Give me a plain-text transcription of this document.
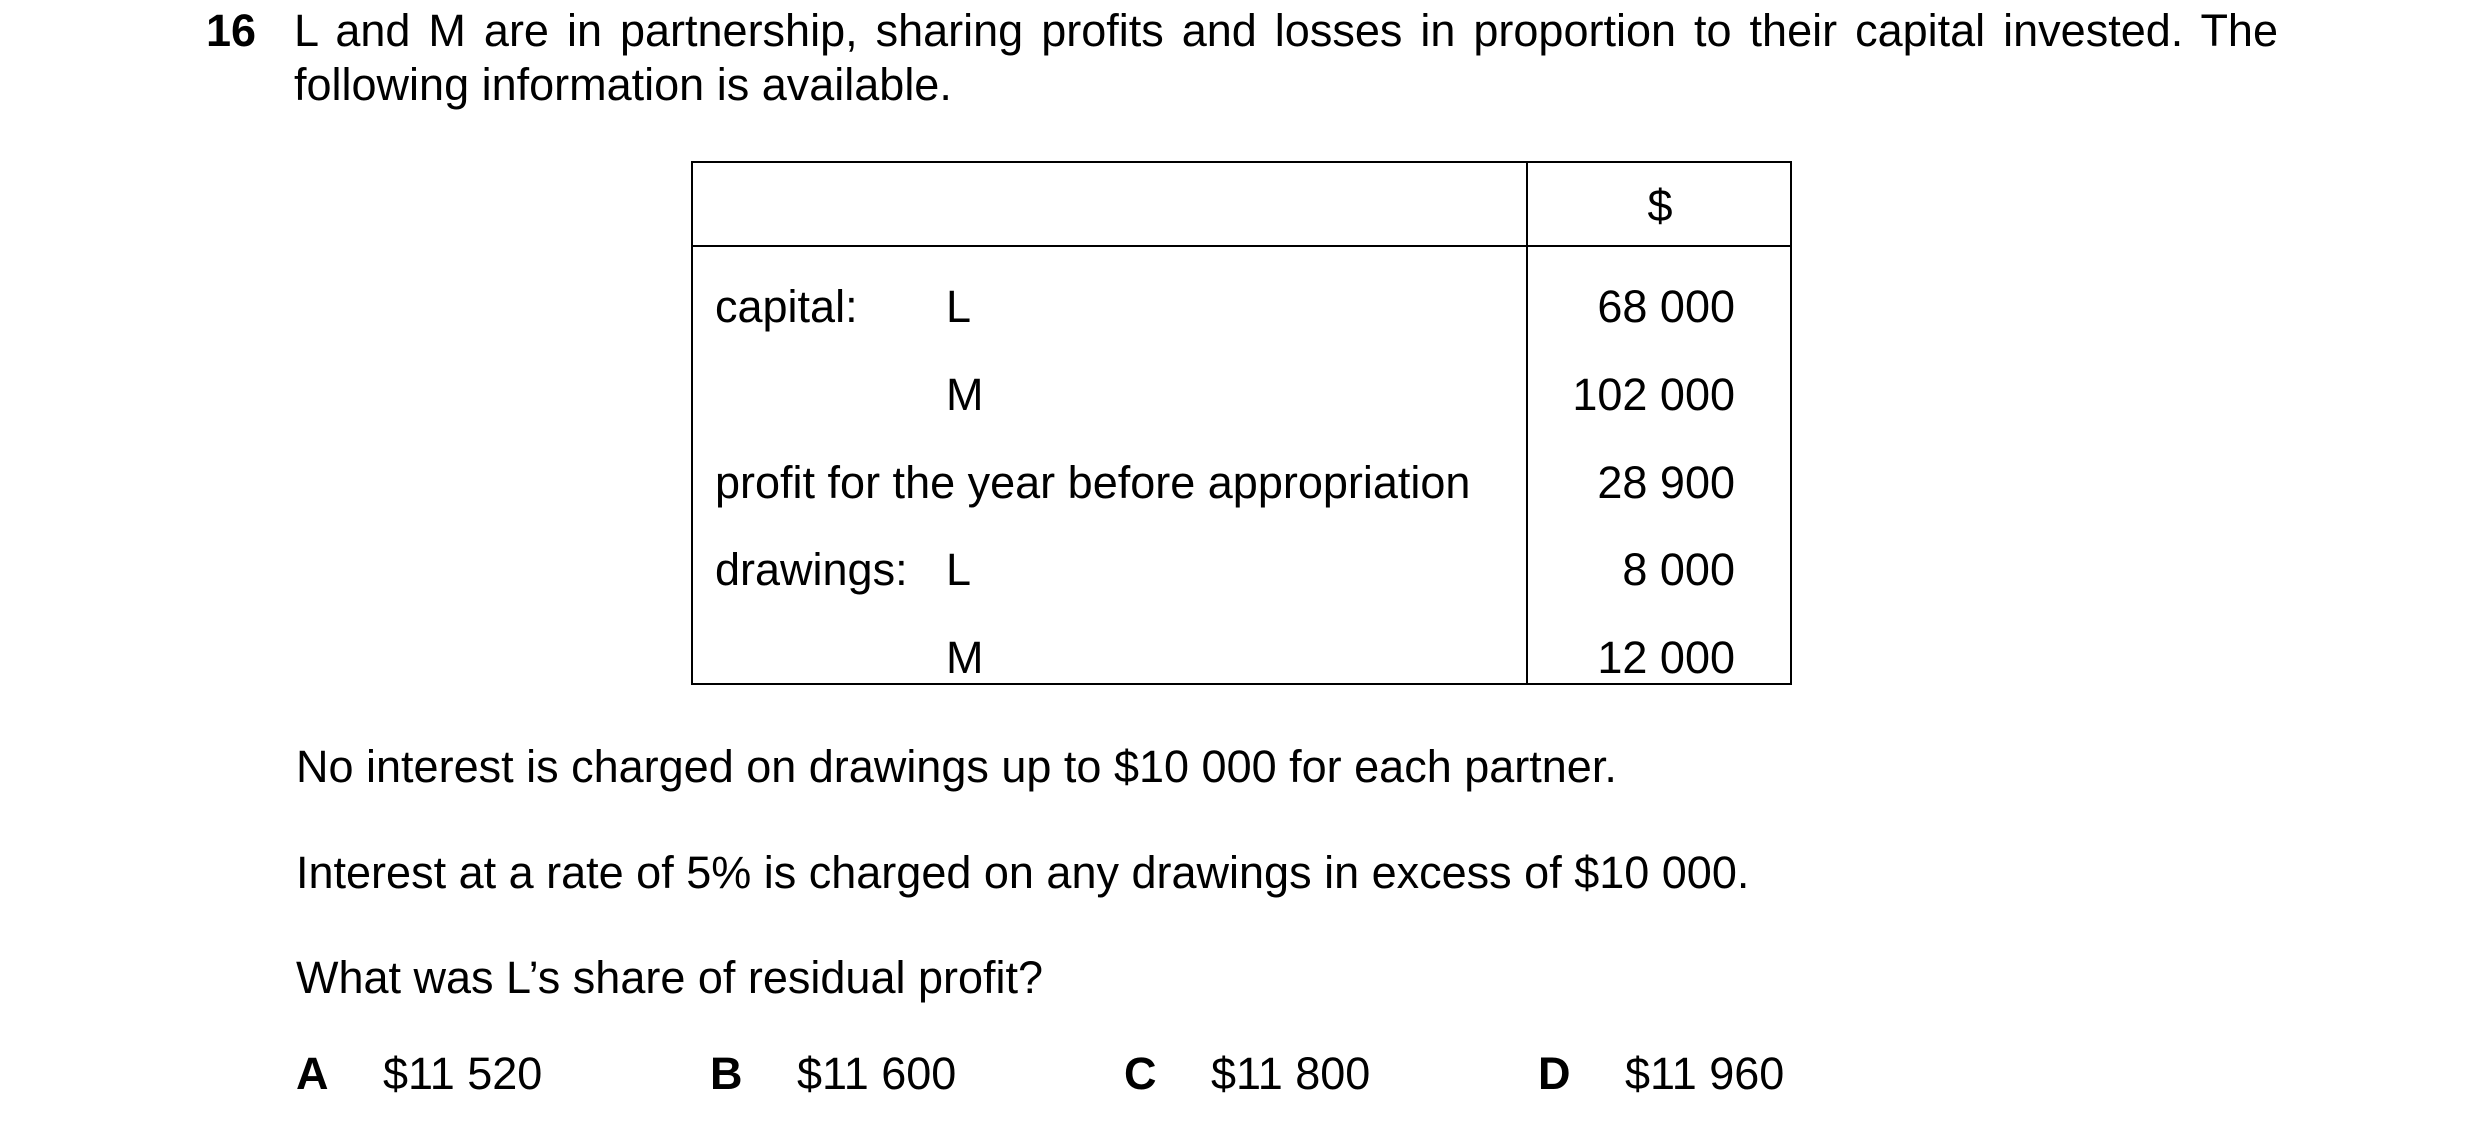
16 L and M are in partnership, sharing profits and losses in proportion to their capital invested. The following information is available.
$
capital: L	68 000
M	102 000
profit for the year before appropriation	28 900
drawings: L	8 000
M	12 000
No interest is charged on drawings up to $10 000 for each partner.
Interest at a rate of 5% is charged on any drawings in excess of $10 000.
What was L’s share of residual profit?
A $11 520	B $11 600	C $11 800	D $11 960
